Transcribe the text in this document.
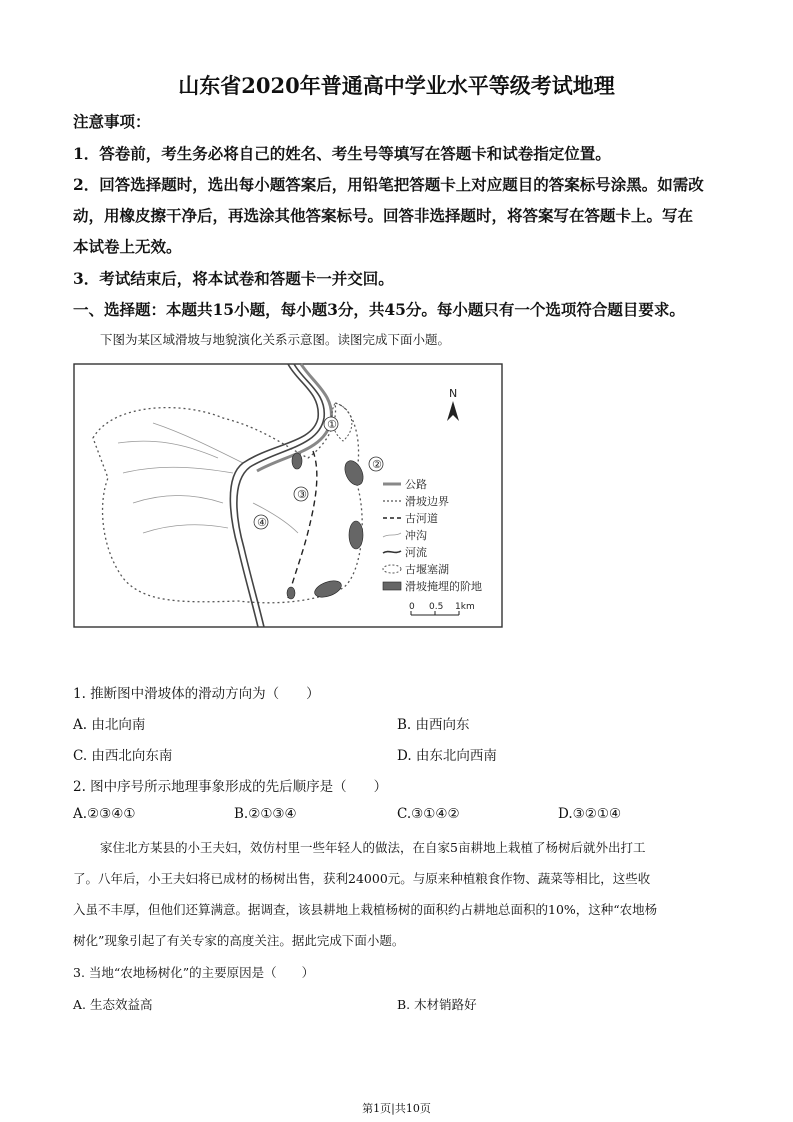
山东省2020年普通高中学业水平等级考试地理
注意事项：
1．答卷前，考生务必将自己的姓名、考生号等填写在答题卡和试卷指定位置。
2．回答选择题时，选出每小题答案后，用铅笔把答题卡上对应题目的答案标号涂黑。如需改
动，用橡皮擦干净后，再选涂其他答案标号。回答非选择题时，将答案写在答题卡上。写在
本试卷上无效。
3．考试结束后，将本试卷和答题卡一并交回。
一、选择题：本题共15小题，每小题3分，共45分。每小题只有一个选项符合题目要求。
下图为某区域滑坡与地貌演化关系示意图。读图完成下面小题。
①
②
③
④
N
公路
滑坡边界
古河道
冲沟
河流
古堰塞湖
滑坡掩埋的阶地
0 0.5 1km
1. 推断图中滑坡体的滑动方向为（　　）
A. 由北向南	B. 由西向东
C. 由西北向东南	D. 由东北向西南
2. 图中序号所示地理事象形成的先后顺序是（　　）
A.②③④①	B.②①③④	C.③①④②	D.③②①④
家住北方某县的小王夫妇，效仿村里一些年轻人的做法，在自家5亩耕地上栽植了杨树后就外出打工
了。八年后，小王夫妇将已成材的杨树出售，获利24000元。与原来种植粮食作物、蔬菜等相比，这些收
入虽不丰厚，但他们还算满意。据调查，该县耕地上栽植杨树的面积约占耕地总面积的10%，这种“农地杨
树化”现象引起了有关专家的高度关注。据此完成下面小题。
3. 当地“农地杨树化”的主要原因是（　　）
A. 生态效益高	B. 木材销路好
第1页|共10页
